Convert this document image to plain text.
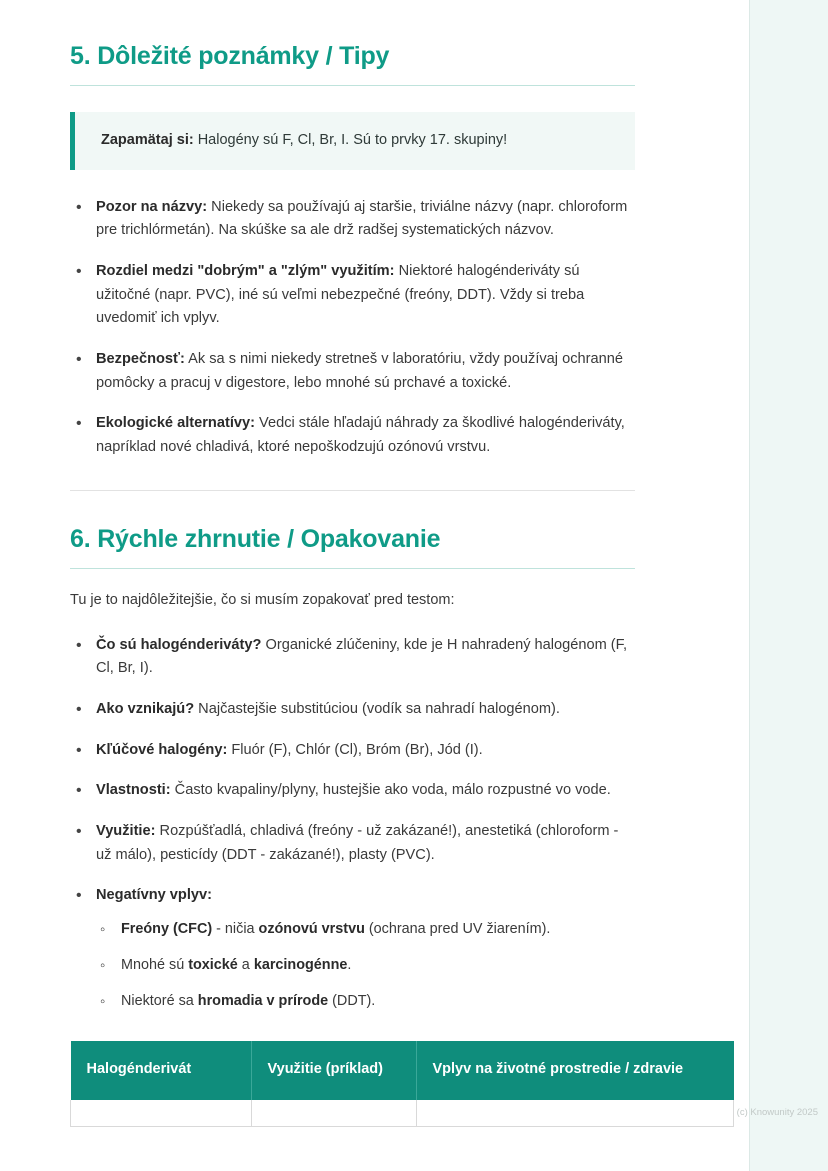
5. Dôležité poznámky / Tipy
Zapamätaj si: Halogény sú F, Cl, Br, I. Sú to prvky 17. skupiny!
• Pozor na názvy: Niekedy sa používajú aj staršie, triviálne názvy (napr. chloroform pre trichlórmetán). Na skúške sa ale drž radšej systematických názvov.
• Rozdiel medzi "dobrým" a "zlým" využitím: Niektoré halogénderiváty sú užitočné (napr. PVC), iné sú veľmi nebezpečné (freóny, DDT). Vždy si treba uvedomiť ich vplyv.
• Bezpečnosť: Ak sa s nimi niekedy stretneš v laboratóriu, vždy používaj ochranné pomôcky a pracuj v digestore, lebo mnohé sú prchavé a toxické.
• Ekologické alternatívy: Vedci stále hľadajú náhrady za škodlivé halogénderiváty, napríklad nové chladivá, ktoré nepoškodzujú ozónovú vrstvu.
6. Rýchle zhrnutie / Opakovanie

Tu je to najdôležitejšie, čo si musím zopakovať pred testom:

• Čo sú halogénderiváty? Organické zlúčeniny, kde je H nahradený halogénom (F, Cl, Br, I).
• Ako vznikajú? Najčastejšie substitúciou (vodík sa nahradí halogénom).
• Kľúčové halogény: Fluór (F), Chlór (Cl), Bróm (Br), Jód (I).
• Vlastnosti: Často kvapaliny/plyny, hustejšie ako voda, málo rozpustné vo vode.
• Využitie: Rozpúšťadlá, chladivá (freóny - už zakázané!), anestetiká (chloroform - už málo), pesticídy (DDT - zakázané!), plasty (PVC).
• Negatívny vplyv:
◦ Freóny (CFC) - ničia ozónovú vrstvu (ochrana pred UV žiarením).
◦ Mnohé sú toxické a karcinogénne.
◦ Niektoré sa hromadia v prírode (DDT).
Halogénderivát	Využitie (príklad)	Vplyv na životné prostredie / zdravie

(c) Knowunity 2025
